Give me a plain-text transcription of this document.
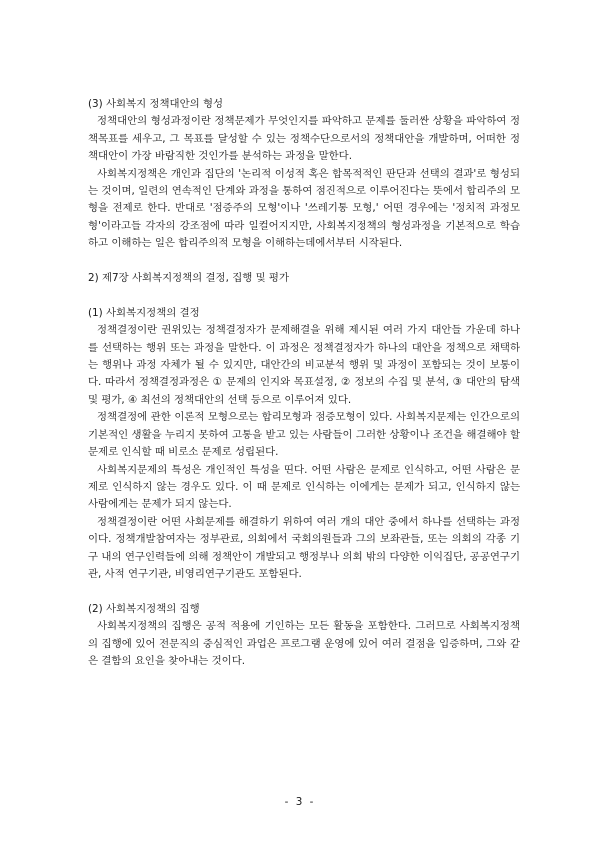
(3) 사회복지 정책대안의 형성

정책대안의 형성과정이란 정책문제가 무엇인지를 파악하고 문제를 둘러싼 상황을 파악하여 정책목표를 세우고, 그 목표를 달성할 수 있는 정책수단으로서의 정책대안을 개발하며, 어떠한 정책대안이 가장 바람직한 것인가를 분석하는 과정을 말한다.

사회복지정책은 개인과 집단의 '논리적 이성적 혹은 합목적적인 판단과 선택의 결과'로 형성되는 것이며, 일련의 연속적인 단계와 과정을 통하여 점진적으로 이루어진다는 뜻에서 합리주의 모형을 전제로 한다. 반대로 '점증주의 모형'이나 '쓰레기통 모형,' 어떤 경우에는 '정치적 과정모형'이라고들 각자의 강조점에 따라 일컬어지지만, 사회복지정책의 형성과정을 기본적으로 학습하고 이해하는 일은 합리주의적 모형을 이해하는데에서부터 시작된다.

2) 제7장 사회복지정책의 결정, 집행 및 평가

(1) 사회복지정책의 결정

정책결정이란 권위있는 정책결정자가 문제해결을 위해 제시된 여러 가지 대안들 가운데 하나를 선택하는 행위 또는 과정을 말한다. 이 과정은 정책결정자가 하나의 대안을 정책으로 채택하는 행위나 과정 자체가 될 수 있지만, 대안간의 비교분석 행위 및 과정이 포함되는 것이 보통이다. 따라서 정책결정과정은 ① 문제의 인지와 목표설정, ② 정보의 수집 및 분석, ③ 대안의 탐색 및 평가, ④ 최선의 정책대안의 선택 등으로 이루어져 있다.

정책결정에 관한 이론적 모형으로는 합리모형과 점증모형이 있다. 사회복지문제는 인간으로의 기본적인 생활을 누리지 못하여 고통을 받고 있는 사람들이 그러한 상황이나 조건을 해결해야 할 문제로 인식할 때 비로소 문제로 성립된다.

사회복지문제의 특성은 개인적인 특성을 띤다. 어떤 사람은 문제로 인식하고, 어떤 사람은 문제로 인식하지 않는 경우도 있다. 이 때 문제로 인식하는 이에게는 문제가 되고, 인식하지 않는 사람에게는 문제가 되지 않는다.

정책결정이란 어떤 사회문제를 해결하기 위하여 여러 개의 대안 중에서 하나를 선택하는 과정이다. 정책개발참여자는 정부관료, 의회에서 국회의원들과 그의 보좌관들, 또는 의회의 각종 기구 내의 연구인력들에 의해 정책안이 개발되고 행정부나 의회 밖의 다양한 이익집단, 공공연구기관, 사적 연구기관, 비영리연구기관도 포함된다.

(2) 사회복지정책의 집행

사회복지정책의 집행은 공적 적용에 기인하는 모든 활동을 포함한다. 그러므로 사회복지정책의 집행에 있어 전문직의 중심적인 과업은 프로그램 운영에 있어 여러 결점을 입증하며, 그와 같은 결함의 요인을 찾아내는 것이다.

- 3 -
